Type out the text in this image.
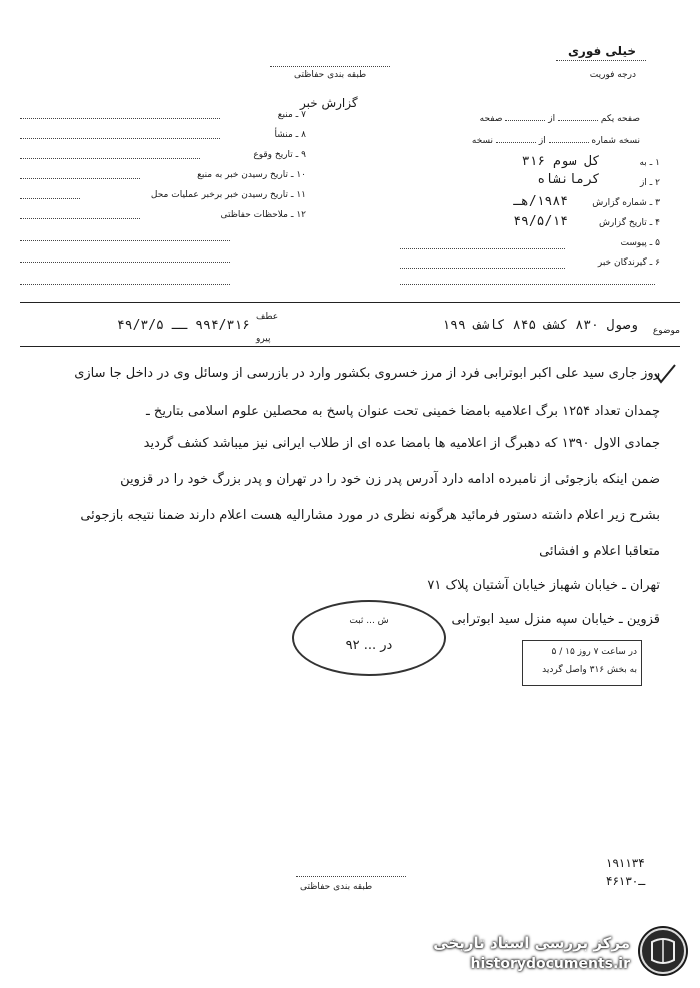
خیلی فوری
درجه فوریت
طبقه بندی حفاظتی
گزارش خبر
صفحه یکم  از  صفحه
نسخه شماره  از  نسخه
۱ ـ به
کل سوم ۳۱۶
۲ ـ از
کرمانشاه
۳ ـ شماره گزارش
۱۹۸۴/هـ
۴ ـ تاریخ گزارش
۴۹/۵/۱۴
۵ ـ پیوست
۶ ـ گیرندگان خبر
۷ ـ منبع
۸ ـ منشأ
۹ ـ تاریخ وقوع
۱۰ ـ تاریخ رسیدن خبر به منبع
۱۱ ـ تاریخ رسیدن خبر برخبر عملیات محل
۱۲ ـ ملاحظات حفاظتی
موضوع
وصول ۸۳۰ کشف ۸۴۵ کاشف ۱۹۹
عطف
پیرو
۹۹۴/۳۱۶ ــ ۴۹/۳/۵
روز جاری سید علی اکبر ابوترابی فرد از مرز خسروی بکشور وارد در بازرسی از وسائل وی در داخل جا سازی
چمدان تعداد ۱۲۵۴ برگ اعلامیه بامضا خمینی تحت عنوان پاسخ به محصلین علوم اسلامی بتاریخ ـ
جمادی الاول ۱۳۹۰ که دهبرگ از اعلامیه ها بامضا عده ای از طلاب ایرانی نیز میباشد کشف گردید
ضمن اینکه بازجوئی از نامبرده ادامه دارد آدرس پدر زن خود را در تهران و پدر بزرگ خود را در قزوین
بشرح زیر اعلام داشته دستور فرمائید هرگونه نظری در مورد مشارالیه هست اعلام دارند ضمنا نتیجه بازجوئی
متعاقبا اعلام و افشائی
تهران ـ خیابان شهباز خیابان آشتیان پلاک ۷۱
قزوین ـ خیابان سپه منزل سید ابوترابی
ش ... ثبت
در ... ۹۲	در ساعت ۷ روز ۱۵ / ۵
به بخش ۳۱۶ واصل گردید
۱۹۱۱۳۴
۴۶ــ۱۳۰
طبقه بندی حفاظتی
مرکز بررسی اسناد تاریخی
historydocuments.ir
